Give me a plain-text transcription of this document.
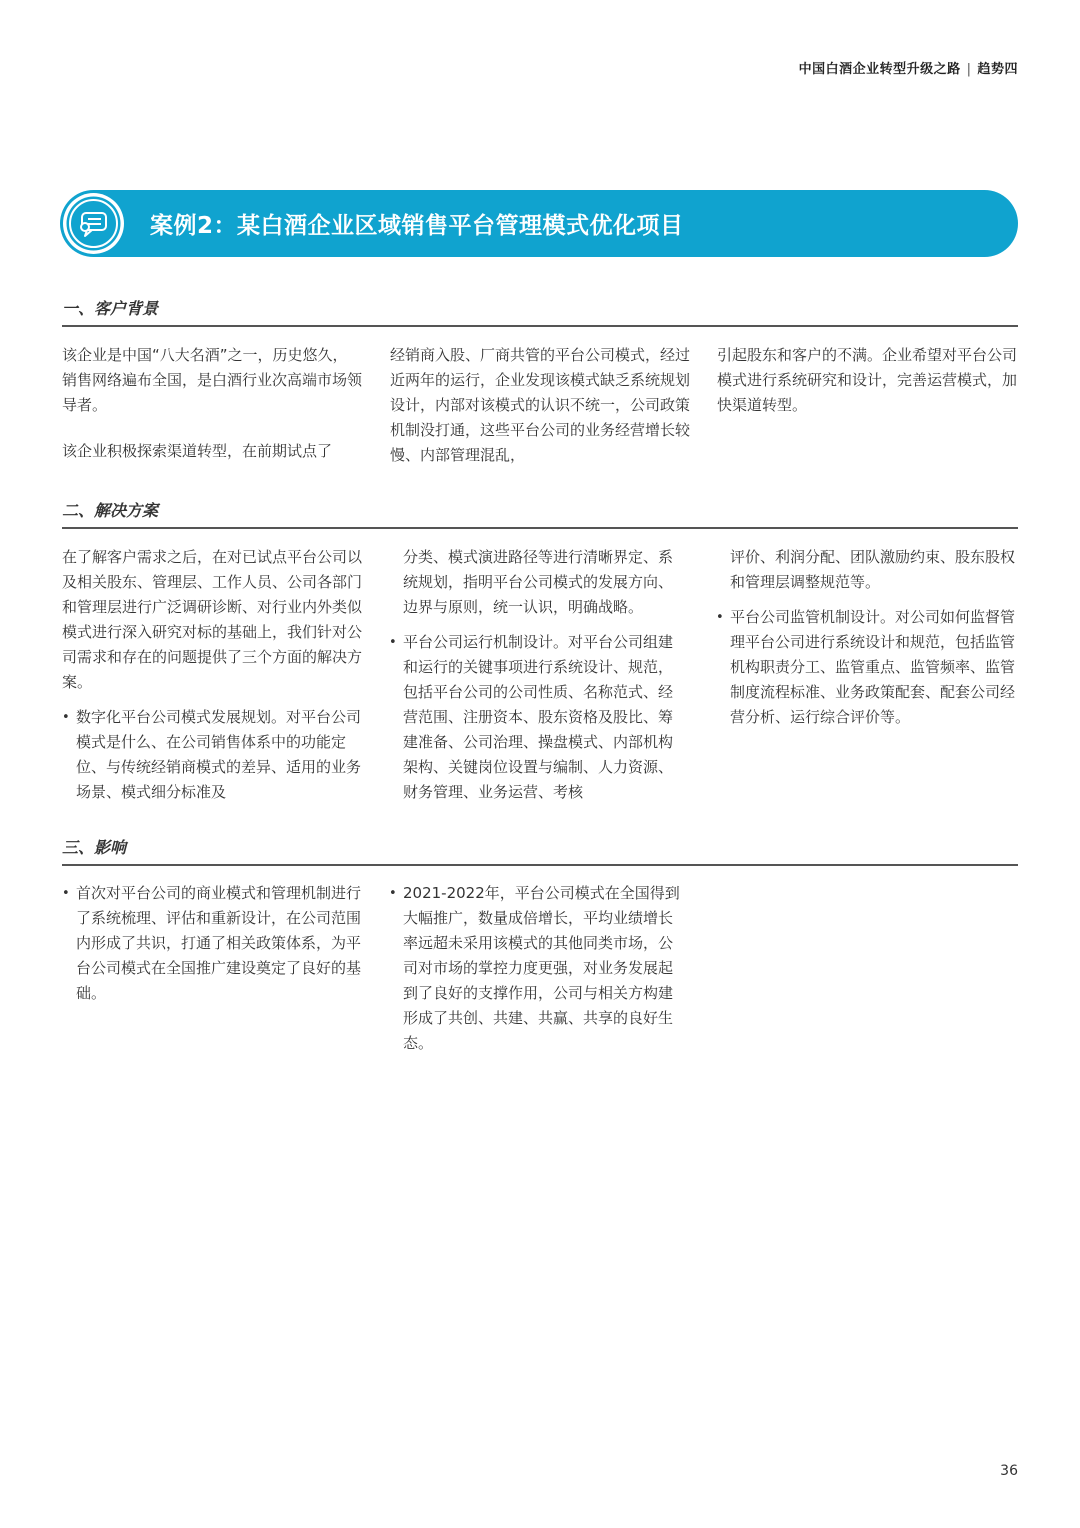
中国白酒企业转型升级之路 | 趋势四
案例2：某白酒企业区域销售平台管理模式优化项目
一、客户背景

该企业是中国“八大名酒”之一，历史悠久，销售网络遍布全国，是白酒行业次高端市场领导者。

该企业积极探索渠道转型，在前期试点了

经销商入股、厂商共管的平台公司模式，经过近两年的运行，企业发现该模式缺乏系统规划设计，内部对该模式的认识不统一，公司政策机制没打通，这些平台公司的业务经营增长较慢、内部管理混乱，

引起股东和客户的不满。企业希望对平台公司模式进行系统研究和设计，完善运营模式，加快渠道转型。

二、解决方案

在了解客户需求之后，在对已试点平台公司以及相关股东、管理层、工作人员、公司各部门和管理层进行广泛调研诊断、对行业内外类似模式进行深入研究对标的基础上，我们针对公司需求和存在的问题提供了三个方面的解决方案。

• 数字化平台公司模式发展规划。对平台公司模式是什么、在公司销售体系中的功能定位、与传统经销商模式的差异、适用的业务场景、模式细分标准及

分类、模式演进路径等进行清晰界定、系统规划，指明平台公司模式的发展方向、边界与原则，统一认识，明确战略。

• 平台公司运行机制设计。对平台公司组建和运行的关键事项进行系统设计、规范，包括平台公司的公司性质、名称范式、经营范围、注册资本、股东资格及股比、筹建准备、公司治理、操盘模式、内部机构架构、关键岗位设置与编制、人力资源、财务管理、业务运营、考核

评价、利润分配、团队激励约束、股东股权和管理层调整规范等。

• 平台公司监管机制设计。对公司如何监督管理平台公司进行系统设计和规范，包括监管机构职责分工、监管重点、监管频率、监管制度流程标准、业务政策配套、配套公司经营分析、运行综合评价等。
三、影响
• 首次对平台公司的商业模式和管理机制进行了系统梳理、评估和重新设计，在公司范围内形成了共识，打通了相关政策体系，为平台公司模式在全国推广建设奠定了良好的基础。
• 2021-2022年，平台公司模式在全国得到大幅推广，数量成倍增长，平均业绩增长率远超未采用该模式的其他同类市场，公司对市场的掌控力度更强，对业务发展起到了良好的支撑作用，公司与相关方构建形成了共创、共建、共赢、共享的良好生态。
36
